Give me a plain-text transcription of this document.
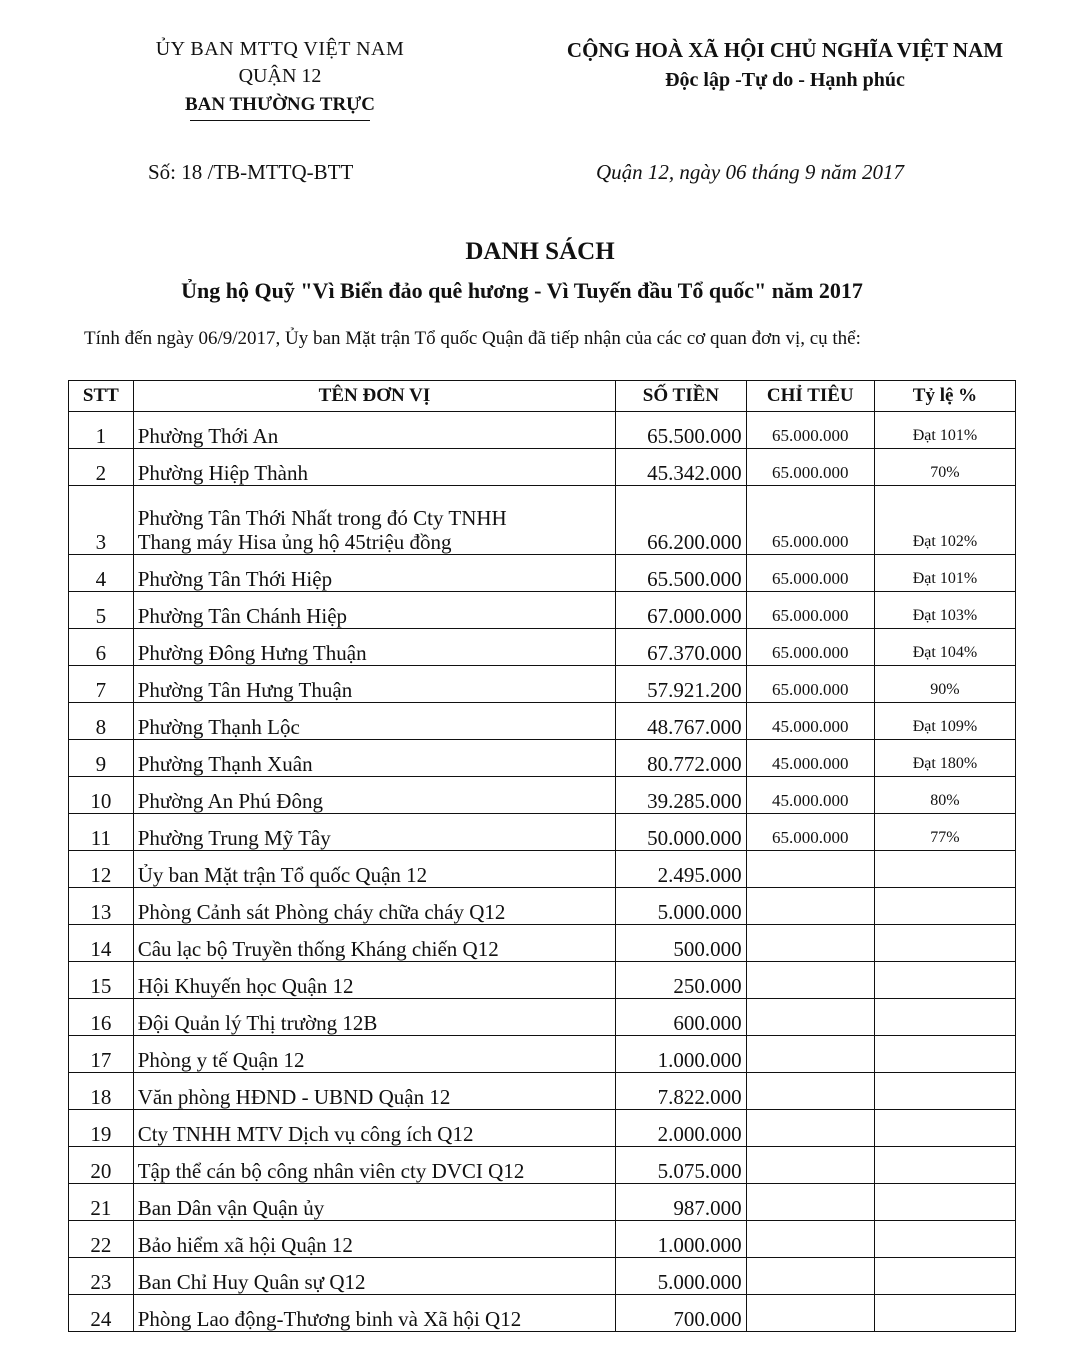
ỦY BAN MTTQ VIỆT NAM
QUẬN 12
BAN THƯỜNG TRỰC
CỘNG HOÀ XÃ HỘI CHỦ NGHĨA VIỆT NAM
Độc lập -Tự do - Hạnh phúc
Số: 18 /TB-MTTQ-BTT	Quận 12, ngày 06 tháng 9 năm 2017
DANH SÁCH
Ủng hộ Quỹ "Vì Biển đảo quê hương - Vì Tuyến đầu Tổ quốc" năm 2017
Tính đến ngày 06/9/2017, Ủy ban Mặt trận Tổ quốc Quận đã tiếp nhận của các cơ quan đơn vị, cụ thể:
STT	TÊN ĐƠN VỊ	SỐ TIỀN	CHỈ TIÊU	Tỷ lệ %
1	Phường Thới An	65.500.000	65.000.000	Đạt 101%
2	Phường Hiệp Thành	45.342.000	65.000.000	70%
3	Phường Tân Thới Nhất trong đó Cty TNHH
Thang máy Hisa ủng hộ 45triệu đồng	66.200.000	65.000.000	Đạt 102%
4	Phường Tân Thới Hiệp	65.500.000	65.000.000	Đạt 101%
5	Phường Tân Chánh Hiệp	67.000.000	65.000.000	Đạt 103%
6	Phường Đông Hưng Thuận	67.370.000	65.000.000	Đạt 104%
7	Phường Tân Hưng Thuận	57.921.200	65.000.000	90%
8	Phường Thạnh Lộc	48.767.000	45.000.000	Đạt 109%
9	Phường Thạnh Xuân	80.772.000	45.000.000	Đạt 180%
10	Phường An Phú Đông	39.285.000	45.000.000	80%
11	Phường Trung Mỹ Tây	50.000.000	65.000.000	77%
12	Ủy ban Mặt trận Tổ quốc Quận 12	2.495.000		
13	Phòng Cảnh sát Phòng cháy chữa cháy Q12	5.000.000		
14	Câu lạc bộ Truyền thống Kháng chiến Q12	500.000		
15	Hội Khuyến học Quận 12	250.000		
16	Đội Quản lý Thị trường 12B	600.000		
17	Phòng y tế Quận 12	1.000.000		
18	Văn phòng HĐND - UBND Quận 12	7.822.000		
19	Cty TNHH MTV Dịch vụ công ích Q12	2.000.000		
20	Tập thể cán bộ công nhân viên cty DVCI Q12	5.075.000		
21	Ban Dân vận Quận ủy	987.000		
22	Bảo hiểm xã hội Quận 12	1.000.000		
23	Ban Chỉ Huy Quân sự Q12	5.000.000		
24	Phòng Lao động-Thương binh và Xã hội Q12	700.000		
